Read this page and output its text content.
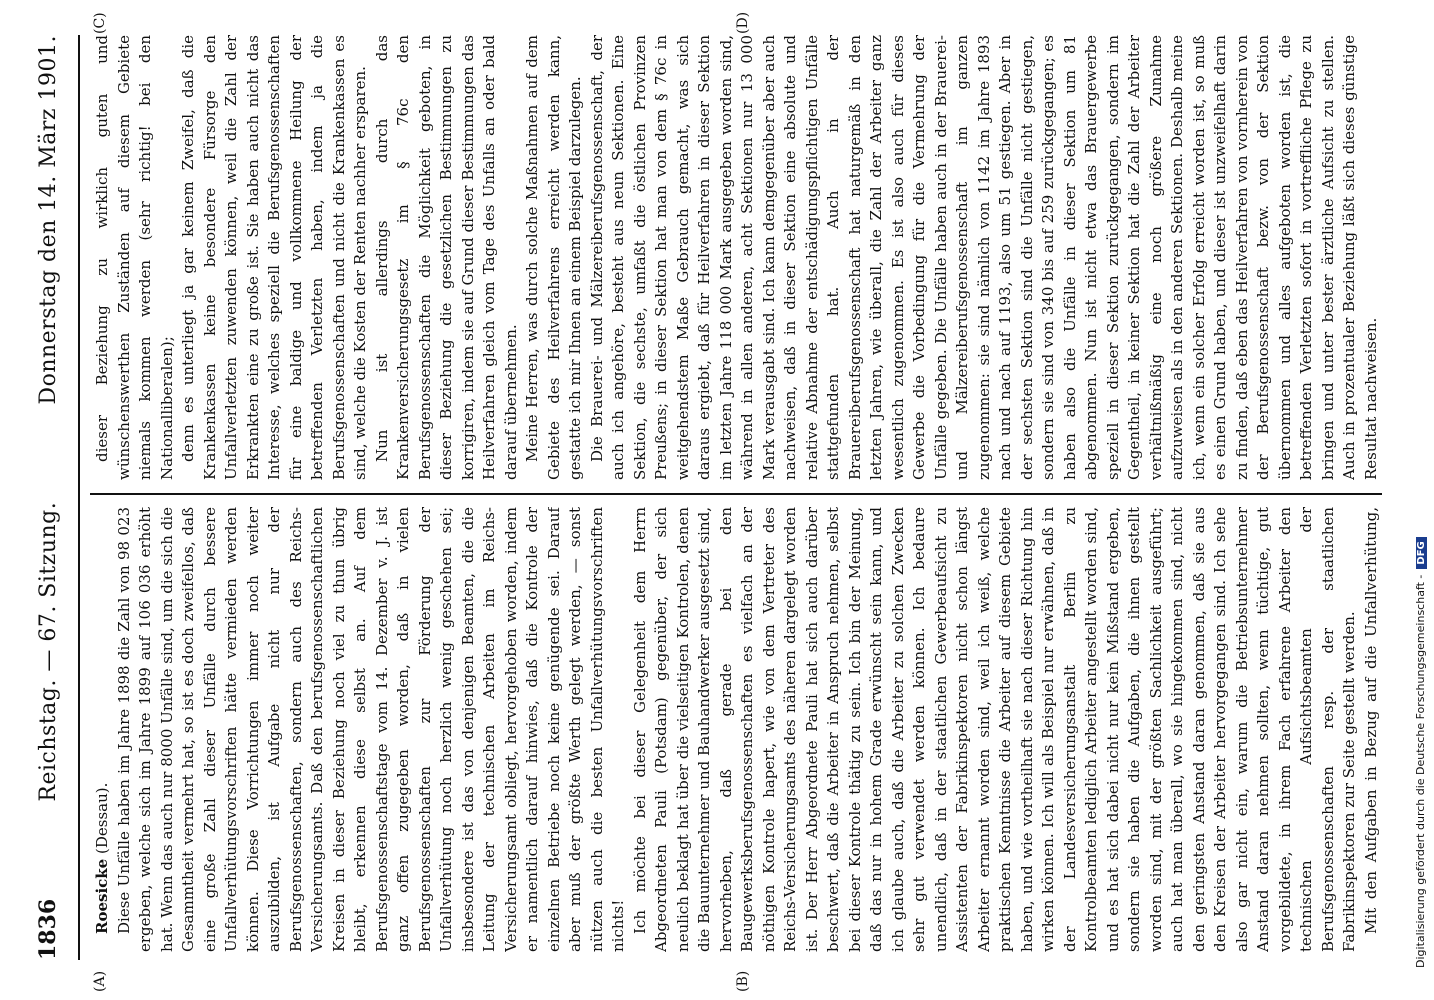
1836
Reichstag. — 67. Sitzung.
Donnerstag den 14. März 1901.
(A)	(B)
(C)	(D)

Roesicke (Dessau). Diese Unfälle haben im Jahre 1898 die Zahl von 98 023 ergeben, welche sich im Jahre 1899 auf 106 036 erhöht hat. Wenn das auch nur 8000 Unfälle sind, um die sich die Gesammtheit vermehrt hat, so ist es doch zweifellos, daß eine große Zahl dieser Unfälle durch bessere Unfallverhütungsvorschriften hätte vermieden werden können. Diese Vorrichtungen immer noch weiter auszubilden, ist Aufgabe nicht nur der Berufsgenossenschaften, sondern auch des Reichs-Versicherungsamts. Daß den berufsgenossenschaftlichen Kreisen in dieser Beziehung noch viel zu thun übrig bleibt, erkennen diese selbst an. Auf dem Berufsgenossenschaftstage vom 14. Dezember v. J. ist ganz offen zugegeben worden, daß in vielen Berufsgenossenschaften zur Förderung der Unfallverhütung noch herzlich wenig geschehen sei; insbesondere ist das von denjenigen Beamten, die die Leitung der technischen Arbeiten im Reichs-Versicherungsamt obliegt, hervorgehoben worden, indem er namentlich darauf hinwies, daß die Kontrole der einzelnen Betriebe noch keine genügende sei. Darauf aber muß der größte Werth gelegt werden, — sonst nützen auch die besten Unfallverhütungsvorschriften nichts! Ich möchte bei dieser Gelegenheit dem Herrn Abgeordneten Pauli (Potsdam) gegenüber, der sich neulich beklagt hat über die vielseitigen Kontrolen, denen die Bauunternehmer und Bauhandwerker ausgesetzt sind, hervorheben, daß gerade bei den Baugewerksberufsgenossenschaften es vielfach an der nöthigen Kontrole hapert, wie von dem Vertreter des Reichs-Versicherungsamts des näheren dargelegt worden ist. Der Herr Abgeordnete Pauli hat sich auch darüber beschwert, daß die Arbeiter in Anspruch nehmen, selbst bei dieser Kontrole thätig zu sein. Ich bin der Meinung, daß das nur in hohem Grade erwünscht sein kann, und ich glaube auch, daß die Arbeiter zu solchen Zwecken sehr gut verwendet werden können. Ich bedaure unendlich, daß in der staatlichen Gewerbeaufsicht zu Assistenten der Fabrikinspektoren nicht schon längst Arbeiter ernannt worden sind, weil ich weiß, welche praktischen Kenntnisse die Arbeiter auf diesem Gebiete haben, und wie vortheilhaft sie nach dieser Richtung hin wirken können. Ich will als Beispiel nur erwähnen, daß in der Landesversicherungsanstalt Berlin zu Kontrolbeamten lediglich Arbeiter angestellt worden sind, und es hat sich dabei nicht nur kein Mißstand ergeben, sondern sie haben die Aufgaben, die ihnen gestellt worden sind, mit der größten Sachlichkeit ausgeführt; auch hat man überall, wo sie hingekommen sind, nicht den geringsten Anstand daran genommen, daß sie aus den Kreisen der Arbeiter hervorgegangen sind. Ich sehe also gar nicht ein, warum die Betriebsunternehmer Anstand daran nehmen sollten, wenn tüchtige, gut vorgebildete, in ihrem Fach erfahrene Arbeiter den technischen Aufsichtsbeamten der Berufsgenossenschaften resp. der staatlichen Fabrikinspektoren zur Seite gestellt werden. Mit den Aufgaben in Bezug auf die Unfallverhütung,

dieser Beziehung zu wirklich guten und wünschenswerthen Zuständen auf diesem Gebiete niemals kommen werden (sehr richtig! bei den Nationalliberalen); denn es unterliegt ja gar keinem Zweifel, daß die Krankenkassen keine besondere Fürsorge den Unfallverletzten zuwenden können, weil die Zahl der Erkrankten eine zu große ist. Sie haben auch nicht das Interesse, welches speziell die Berufsgenossenschaften für eine baldige und vollkommene Heilung der betreffenden Verletzten haben, indem ja die Berufsgenossenschaften und nicht die Krankenkassen es sind, welche die Kosten der Renten nachher ersparen. Nun ist allerdings durch das Krankenversicherungsgesetz im § 76c den Berufsgenossenschaften die Möglichkeit geboten, in dieser Beziehung die gesetzlichen Bestimmungen zu korrigiren, indem sie auf Grund dieser Bestimmungen das Heilverfahren gleich vom Tage des Unfalls an oder bald darauf übernehmen. Meine Herren, was durch solche Maßnahmen auf dem Gebiete des Heilverfahrens erreicht werden kann, gestatte ich mir Ihnen an einem Beispiel darzulegen. Die Brauerei- und Mälzereiberufsgenossenschaft, der auch ich angehöre, besteht aus neun Sektionen. Eine Sektion, die sechste, umfaßt die östlichen Provinzen Preußens; in dieser Sektion hat man von dem § 76c in weitgehendstem Maße Gebrauch gemacht, was sich daraus ergiebt, daß für Heilverfahren in dieser Sektion im letzten Jahre 118 000 Mark ausgegeben worden sind, während in allen anderen, acht Sektionen nur 13 000 Mark verausgabt sind. Ich kann demgegenüber aber auch nachweisen, daß in dieser Sektion eine absolute und relative Abnahme der entschädigungspflichtigen Unfälle stattgefunden hat. Auch in der Brauereiberufsgenossenschaft hat naturgemäß in den letzten Jahren, wie überall, die Zahl der Arbeiter ganz wesentlich zugenommen. Es ist also auch für dieses Gewerbe die Vorbedingung für die Vermehrung der Unfälle gegeben. Die Unfälle haben auch in der Brauerei- und Mälzereiberufsgenossenschaft im ganzen zugenommen: sie sind nämlich von 1142 im Jahre 1893 nach und nach auf 1193, also um 51 gestiegen. Aber in der sechsten Sektion sind die Unfälle nicht gestiegen, sondern sie sind von 340 bis auf 259 zurückgegangen; es haben also die Unfälle in dieser Sektion um 81 abgenommen. Nun ist nicht etwa das Brauergewerbe speziell in dieser Sektion zurückgegangen, sondern im Gegentheil, in keiner Sektion hat die Zahl der Arbeiter verhältnißmäßig eine noch größere Zunahme aufzuweisen als in den anderen Sektionen. Deshalb meine ich, wenn ein solcher Erfolg erreicht worden ist, so muß es einen Grund haben, und dieser ist unzweifelhaft darin zu finden, daß eben das Heilverfahren von vornherein von der Berufsgenossenschaft bezw. von der Sektion übernommen und alles aufgeboten worden ist, die betreffenden Verletzten sofort in vortreffliche Pflege zu bringen und unter bester ärztliche Aufsicht zu stellen. Auch in prozentualer Beziehung läßt sich dieses günstige Resultat nachweisen.

Digitalisierung gefördert durch die Deutsche Forschungsgemeinschaft -DFG
